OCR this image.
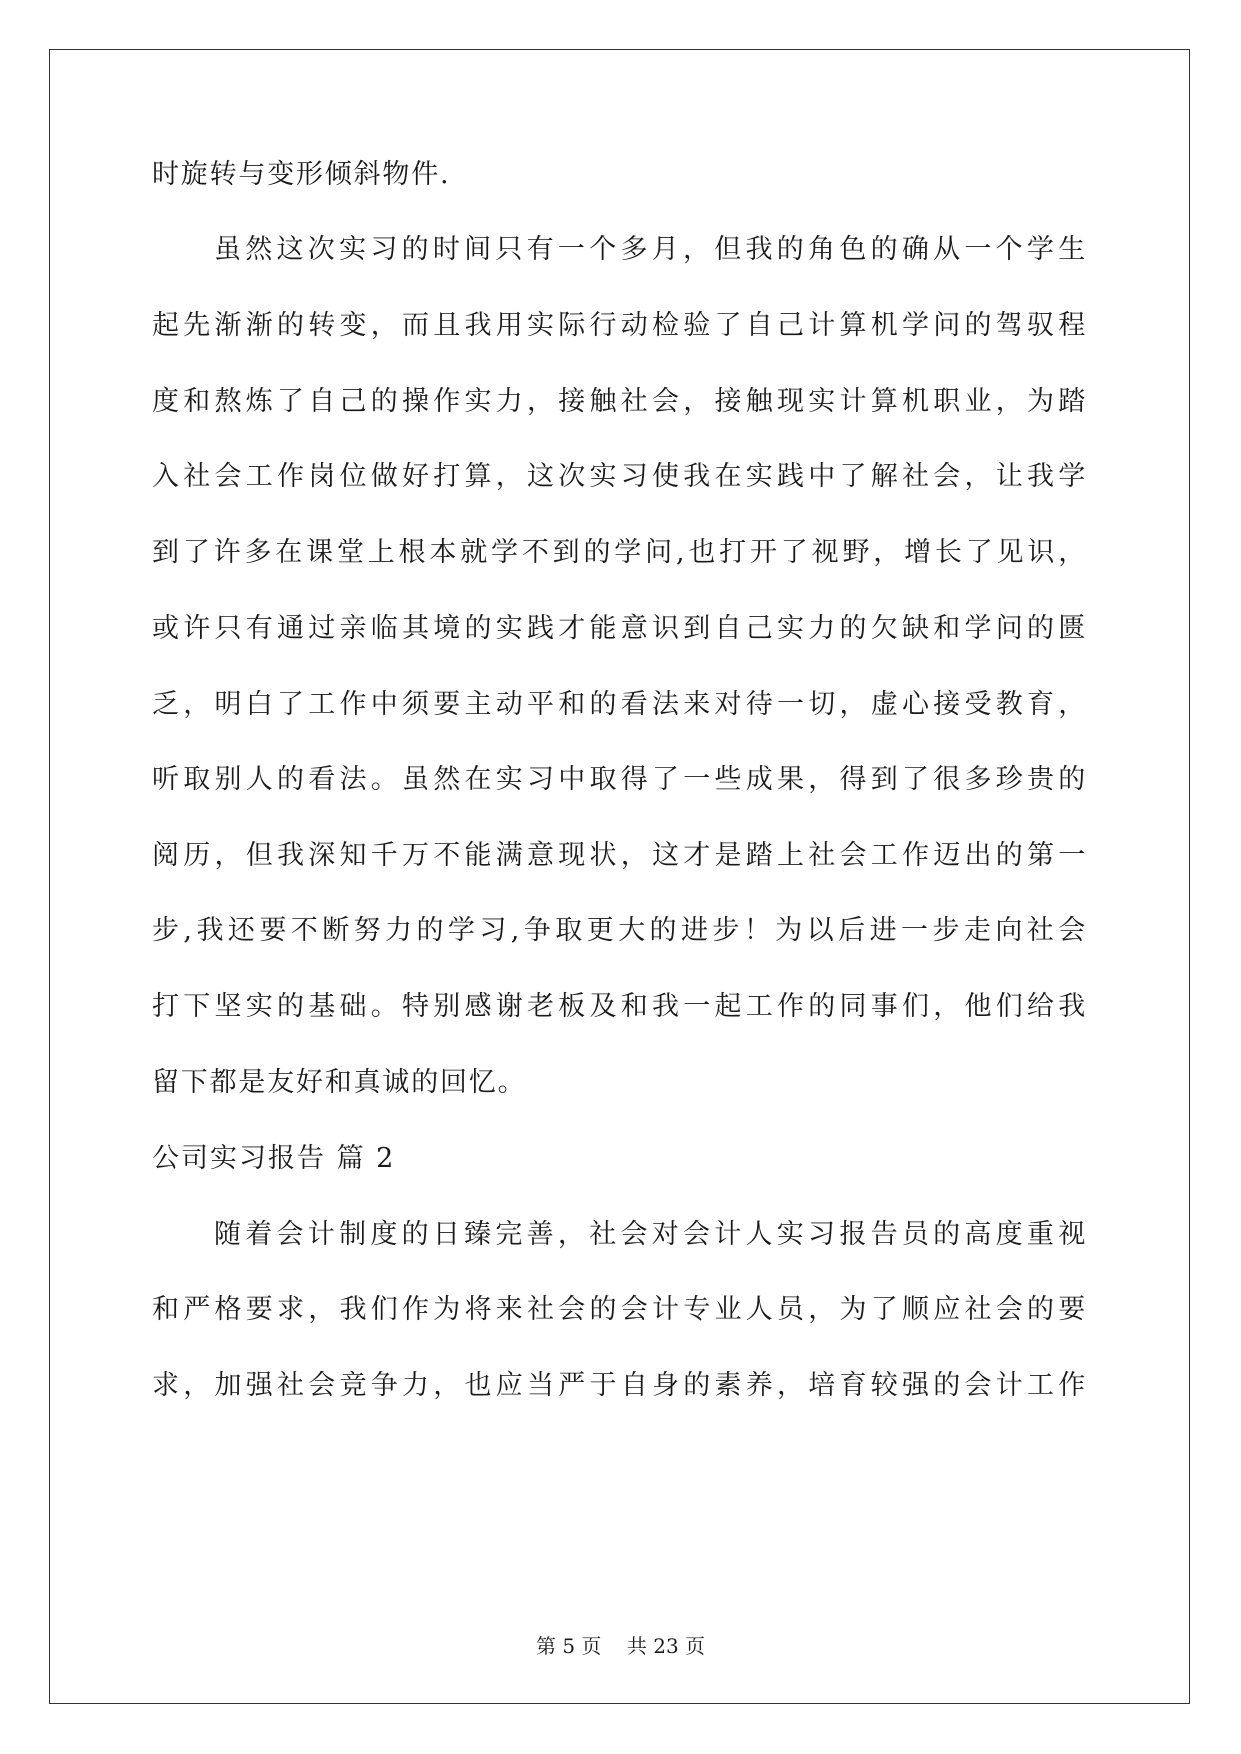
时旋转与变形倾斜物件.
虽然这次实习的时间只有一个多月，但我的角色的确从一个学生
起先渐渐的转变，而且我用实际行动检验了自己计算机学问的驾驭程
度和熬炼了自己的操作实力，接触社会，接触现实计算机职业，为踏
入社会工作岗位做好打算，这次实习使我在实践中了解社会，让我学
到了许多在课堂上根本就学不到的学问,也打开了视野，增长了见识，
或许只有通过亲临其境的实践才能意识到自己实力的欠缺和学问的匮
乏，明白了工作中须要主动平和的看法来对待一切，虚心接受教育，
听取别人的看法。虽然在实习中取得了一些成果，得到了很多珍贵的
阅历，但我深知千万不能满意现状，这才是踏上社会工作迈出的第一
步,我还要不断努力的学习,争取更大的进步！为以后进一步走向社会
打下坚实的基础。特别感谢老板及和我一起工作的同事们，他们给我
留下都是友好和真诚的回忆。
公司实习报告 篇 2
随着会计制度的日臻完善，社会对会计人实习报告员的高度重视
和严格要求，我们作为将来社会的会计专业人员，为了顺应社会的要
求，加强社会竞争力，也应当严于自身的素养，培育较强的会计工作
第 5 页 共 23 页
